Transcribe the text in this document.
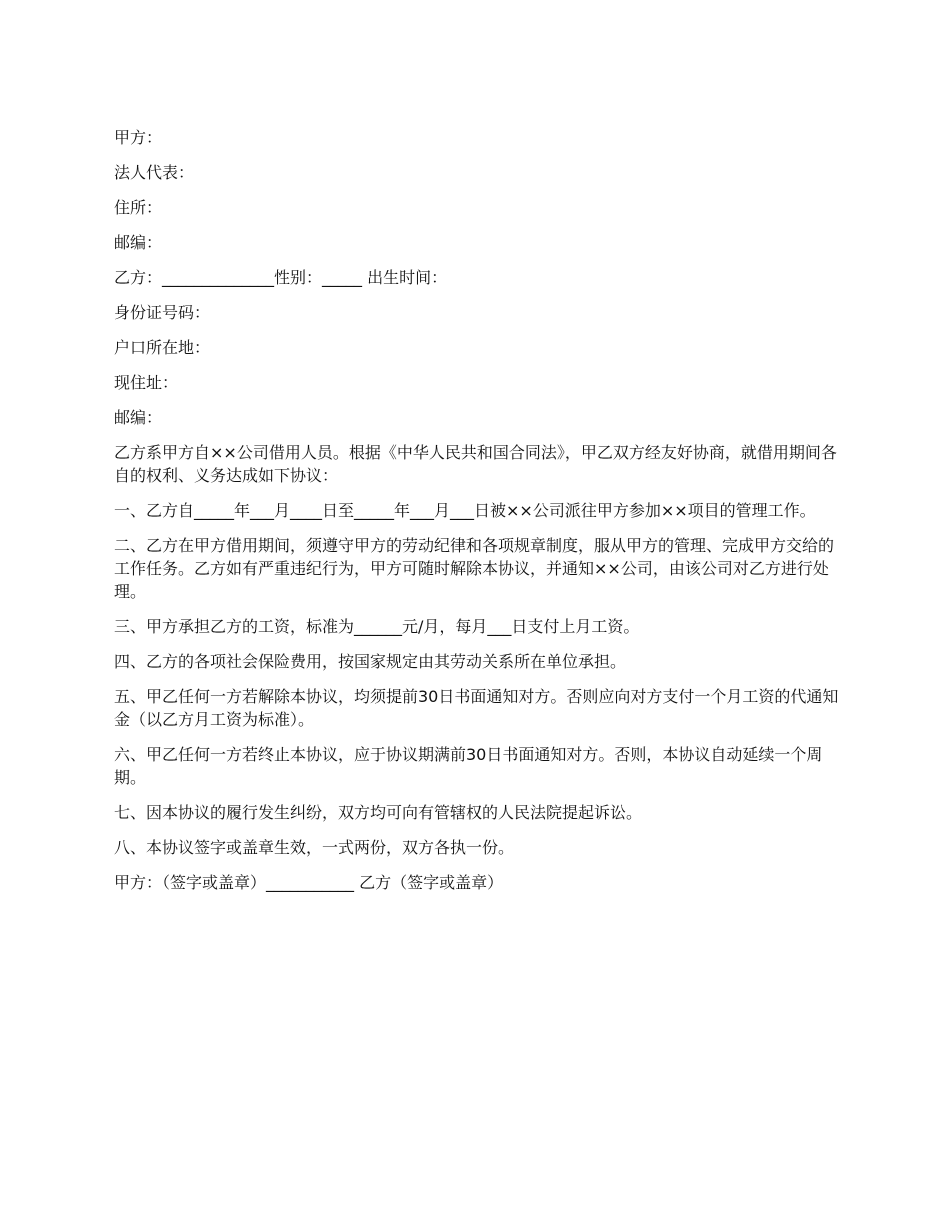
甲方：
法人代表：
住所：
邮编：
乙方：______________性别：_____ 出生时间：
身份证号码：
户口所在地：
现住址：
邮编：
乙方系甲方自××公司借用人员。根据《中华人民共和国合同法》，甲乙双方经友好协商，就借用期间各自的权利、义务达成如下协议：
一、乙方自_____年___月____日至_____年___月___日被××公司派往甲方参加××项目的管理工作。
二、乙方在甲方借用期间，须遵守甲方的劳动纪律和各项规章制度，服从甲方的管理、完成甲方交给的工作任务。乙方如有严重违纪行为，甲方可随时解除本协议，并通知××公司，由该公司对乙方进行处理。
三、甲方承担乙方的工资，标准为______元/月，每月___日支付上月工资。
四、乙方的各项社会保险费用，按国家规定由其劳动关系所在单位承担。
五、甲乙任何一方若解除本协议，均须提前30日书面通知对方。否则应向对方支付一个月工资的代通知金（以乙方月工资为标准）。
六、甲乙任何一方若终止本协议，应于协议期满前30日书面通知对方。否则，本协议自动延续一个周期。
七、因本协议的履行发生纠纷，双方均可向有管辖权的人民法院提起诉讼。
八、本协议签字或盖章生效，一式两份，双方各执一份。
甲方：（签字或盖章）___________ 乙方（签字或盖章）
